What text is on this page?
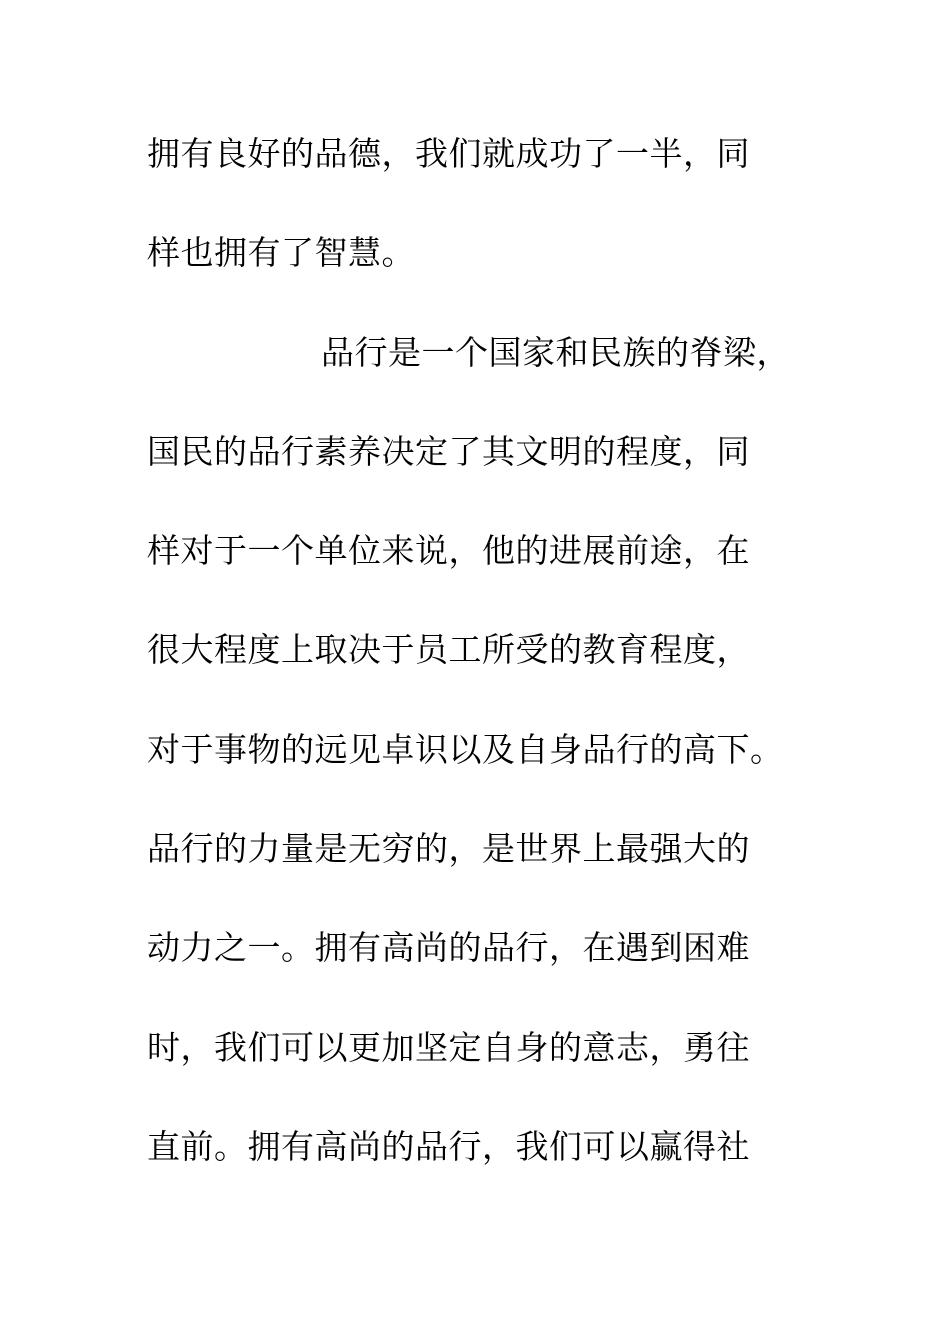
拥有良好的品德，我们就成功了一半，同
样也拥有了智慧。
品行是一个国家和民族的脊梁，
国民的品行素养决定了其文明的程度，同
样对于一个单位来说，他的进展前途，在
很大程度上取决于员工所受的教育程度，
对于事物的远见卓识以及自身品行的高下。
品行的力量是无穷的，是世界上最强大的
动力之一。拥有高尚的品行，在遇到困难
时，我们可以更加坚定自身的意志，勇往
直前。拥有高尚的品行，我们可以赢得社
